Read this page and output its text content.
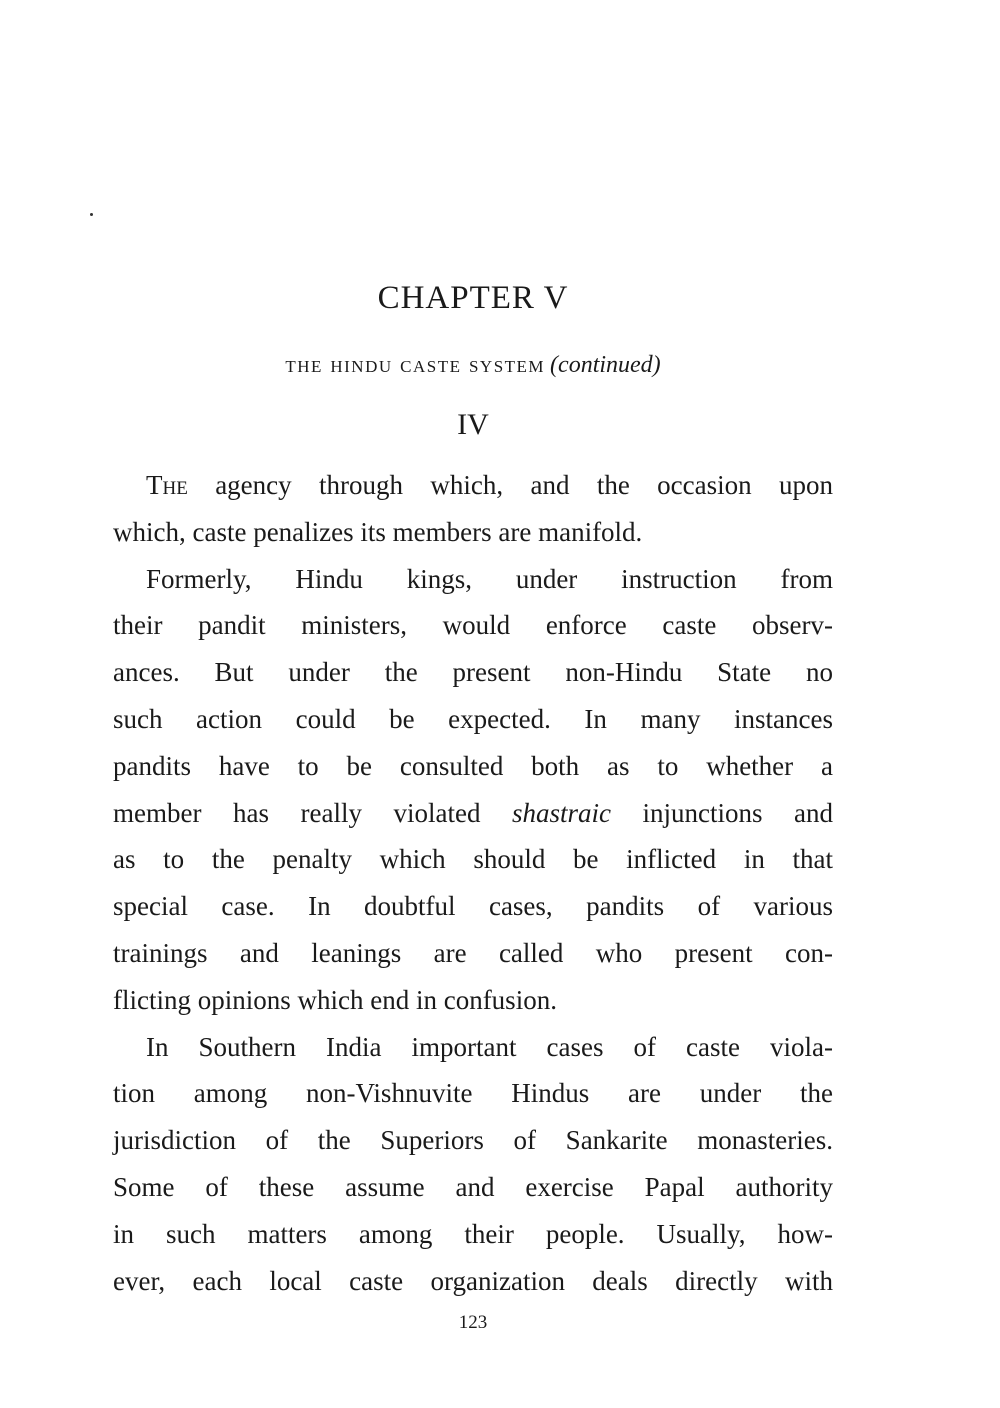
CHAPTER V
the hindu caste system (continued)
IV
The agency through which, and the occasion upon
which, caste penalizes its members are manifold.
Formerly, Hindu kings, under instruction from
their pandit ministers, would enforce caste observ-
ances. But under the present non-Hindu State no
such action could be expected. In many instances
pandits have to be consulted both as to whether a
member has really violated shastraic injunctions and
as to the penalty which should be inflicted in that
special case. In doubtful cases, pandits of various
trainings and leanings are called who present con-
flicting opinions which end in confusion.
In Southern India important cases of caste viola-
tion among non-Vishnuvite Hindus are under the
jurisdiction of the Superiors of Sankarite monasteries.
Some of these assume and exercise Papal authority
in such matters among their people. Usually, how-
ever, each local caste organization deals directly with
123
